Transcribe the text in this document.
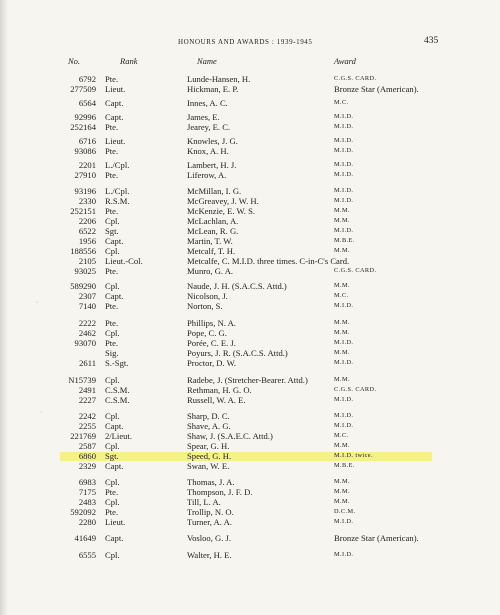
HONOURS AND AWARDS : 1939-1945	435
No.	Rank	Name	Award
6792 Pte.	Lunde-Hansen, H.	C.G.S. CARD.
277509 Lieut.	Hickman, E. P.	Bronze Star (American).
6564 Capt.	Innes, A. C.	M.C.
92996 Capt.	James, E.	M.I.D.
252164 Pte.	Jearey, E. C.	M.I.D.
6716 Lieut.	Knowles, J. G.	M.I.D.
93086 Pte.	Knox, A. H.	M.I.D.
2201 L./Cpl.	Lambert, H. J.	M.I.D.
27910 Pte.	Liferow, A.	M.I.D.
93196 L./Cpl.	McMillan, I. G.	M.I.D.
2330 R.S.M.	McGreavey, J. W. H.	M.I.D.
252151 Pte.	McKenzie, E. W. S.	M.M.
2206 Cpl.	McLachlan, A.	M.M.
6522 Sgt.	McLean, R. G.	M.I.D.
1956 Capt.	Martin, T. W.	M.B.E.
188556 Cpl.	Metcalf, T. H.	M.M.
2105 Lieut.-Col.	Metcalfe, C. M.I.D. three times. C-in-C's Card.
93025 Pte.	Munro, G. A.	C.G.S. CARD.
589290 Cpl.	Naude, J. H. (S.A.C.S. Attd.)	M.M.
2307 Capt.	Nicolson, J.	M.C.
7140 Pte.	Norton, S.	M.I.D.
2222 Pte.	Phillips, N. A.	M.M.
2462 Cpl.	Pope, C. G.	M.M.
93070 Pte.	Porée, C. E. J.	M.I.D.
Sig.	Poyurs, J. R. (S.A.C.S. Attd.)	M.M.
2611 S.-Sgt.	Proctor, D. W.	M.I.D.
N15739 Cpl.	Radebe, J. (Stretcher-Bearer. Attd.)	M.M.
2491 C.S.M.	Rethman, H. G. O.	C.G.S. CARD.
2227 C.S.M.	Russell, W. A. E.	M.I.D.
2242 Cpl.	Sharp, D. C.	M.I.D.
2255 Capt.	Shave, A. G.	M.I.D.
221769 2/Lieut.	Shaw, J. (S.A.E.C. Attd.)	M.C.
2587 Cpl.	Spear, G. H.	M.M.
6860 Sgt.	Speed, G. H.	M.I.D. twice.
2329 Capt.	Swan, W. E.	M.B.E.
6983 Cpl.	Thomas, J. A.	M.M.
7175 Pte.	Thompson, J. F. D.	M.M.
2483 Cpl.	Till, L. A.	M.M.
592092 Pte.	Trollip, N. O.	D.C.M.
2280 Lieut.	Turner, A. A.	M.I.D.
41649 Capt.	Vosloo, G. J.	Bronze Star (American).
6555 Cpl.	Walter, H. E.	M.I.D.
·
·
